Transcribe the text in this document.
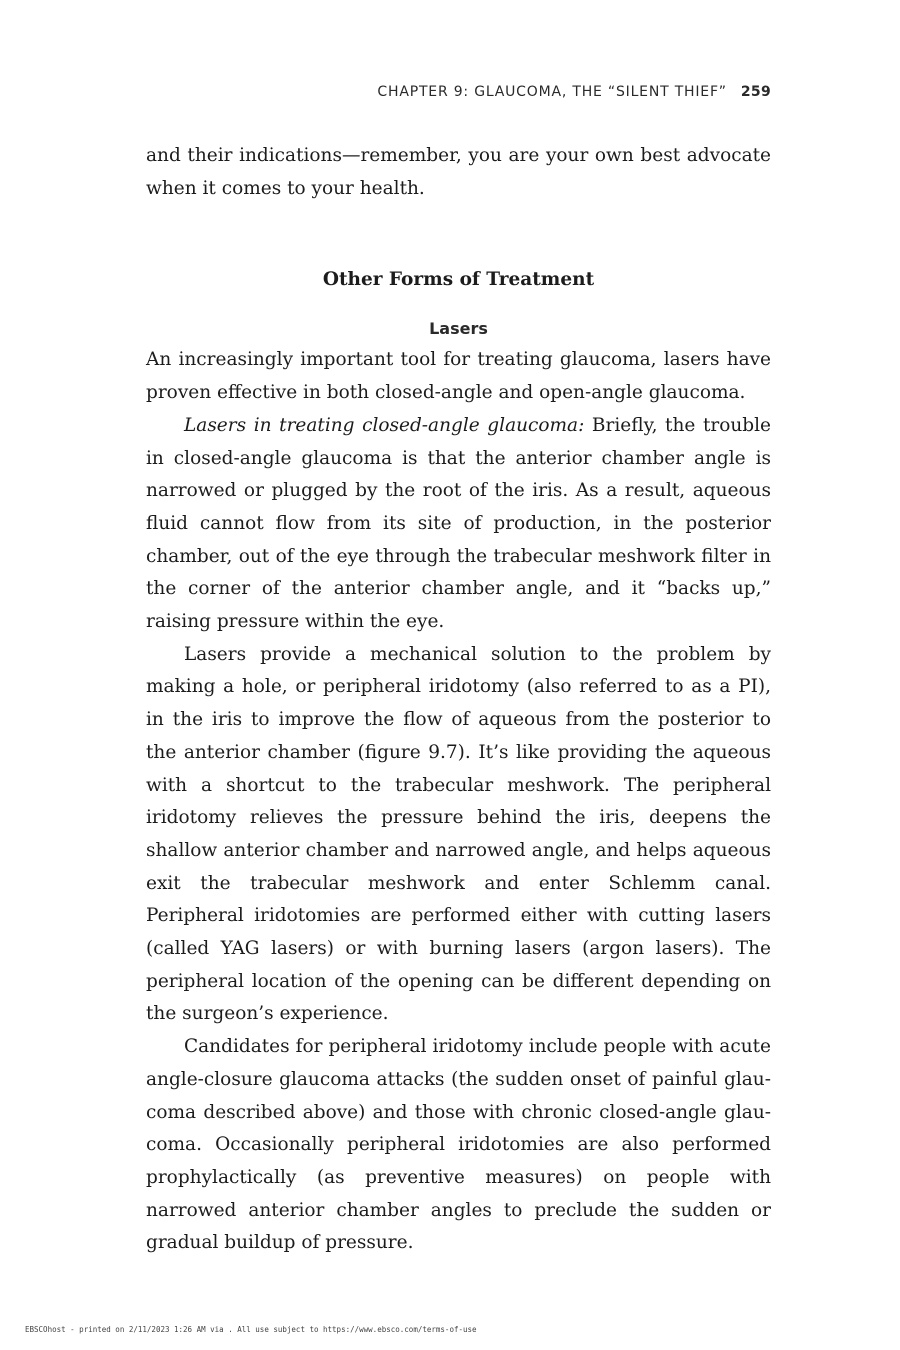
CHAPTER 9: GLAUCOMA, THE “SILENT THIEF” 259

and their indications—remember, you are your own best advocate when it comes to your health.

Other Forms of Treatment
Lasers

An increasingly important tool for treating glaucoma, lasers have proven effective in both closed-angle and open-angle glaucoma.

Lasers in treating closed-angle glaucoma: Briefly, the trouble in closed-angle glaucoma is that the anterior chamber angle is narrowed or plugged by the root of the iris. As a result, aqueous fluid cannot flow from its site of production, in the posterior chamber, out of the eye through the trabecular meshwork filter in the corner of the anterior chamber angle, and it “backs up,” raising pressure within the eye.

Lasers provide a mechanical solution to the problem by making a hole, or peripheral iridotomy (also referred to as a PI), in the iris to improve the flow of aqueous from the posterior to the anterior chamber (figure 9.7). It’s like providing the aqueous with a shortcut to the trabecular meshwork. The peripheral iridotomy relieves the pressure behind the iris, deepens the shallow anterior chamber and narrowed angle, and helps aqueous exit the trabecular meshwork and enter Schlemm canal. Peripheral iridotomies are performed either with cutting lasers (called YAG lasers) or with burning lasers (argon lasers). The peripheral location of the opening can be different depending on the surgeon’s experience.

Candidates for peripheral iridotomy include people with acute angle-closure glaucoma attacks (the sudden onset of painful glaucoma described above) and those with chronic closed-angle glaucoma. Occasionally peripheral iridotomies are also performed prophylactically (as preventive measures) on people with narrowed anterior chamber angles to preclude the sudden or gradual buildup of pressure.

EBSCOhost - printed on 2/11/2023 1:26 AM via . All use subject to https://www.ebsco.com/terms-of-use
